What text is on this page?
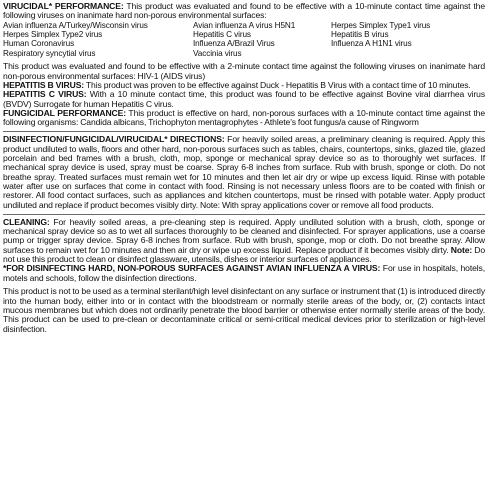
VIRUCIDAL* PERFORMANCE: This product was evaluated and found to be effective with a 10-minute contact time against the following viruses on inanimate hard non-porous environmental surfaces:

Avian influenza A/Turkey/Wisconsin virus	Avian influenza A virus H5N1	Herpes Simplex Type1 virus
Herpes Simplex Type2 virus	Hepatitis C virus	Hepatitis B virus
Human Coronavirus	Influenza A/Brazil Virus	Influenza A H1N1 virus
Respiratory syncytial virus	Vaccinia virus

This product was evaluated and found to be effective with a 2-minute contact time against the following viruses on inanimate hard non-porous environmental surfaces: HIV-1 (AIDS virus)

HEPATITIS B VIRUS: This product was proven to be effective against Duck - Hepatitis B Virus with a contact time of 10 minutes.

HEPATITIS C VIRUS: With a 10 minute contact time, this product was found to be effective against Bovine viral diarrhea virus (BVDV) Surrogate for human Hepatitis C virus.

FUNGICIDAL PERFORMANCE: This product is effective on hard, non-porous surfaces with a 10-minute contact time against the following organisms: Candida albicans, Trichophyton mentagrophytes - Athlete's foot fungus/a cause of Ringworm

DISINFECTION/FUNGICIDAL/VIRUCIDAL* DIRECTIONS: For heavily soiled areas, a preliminary cleaning is required. Apply this product undiluted to walls, floors and other hard, non-porous surfaces such as tables, chairs, countertops, sinks, glazed tile, glazed porcelain and bed frames with a brush, cloth, mop, sponge or mechanical spray device so as to thoroughly wet surfaces. If mechanical spray device is used, spray must be coarse. Spray 6-8 inches from surface. Rub with brush, sponge or cloth. Do not breathe spray. Treated surfaces must remain wet for 10 minutes and then let air dry or wipe up excess liquid. Rinse with potable water after use on surfaces that come in contact with food. Rinsing is not necessary unless floors are to be coated with finish or restorer. All food contact surfaces, such as appliances and kitchen countertops, must be rinsed with potable water. Apply product undiluted and replace if product becomes visibly dirty. Note: With spray applications cover or remove all food products.

CLEANING: For heavily soiled areas, a pre-cleaning step is required. Apply undiluted solution with a brush, cloth, sponge or mechanical spray device so as to wet all surfaces thoroughly to be cleaned and disinfected. For sprayer applications, use a coarse pump or trigger spray device. Spray 6-8 inches from surface. Rub with brush, sponge, mop or cloth. Do not breathe spray. Allow surfaces to remain wet for 10 minutes and then air dry or wipe up excess liquid. Replace product if it becomes visibly dirty. Note: Do not use this product to clean or disinfect glassware, utensils, dishes or interior surfaces of appliances.

*FOR DISINFECTING HARD, NON-POROUS SURFACES AGAINST AVIAN INFLUENZA A VIRUS: For use in hospitals, hotels, motels and schools, follow the disinfection directions.

This product is not to be used as a terminal sterilant/high level disinfectant on any surface or instrument that (1) is introduced directly into the human body, either into or in contact with the bloodstream or normally sterile areas of the body, or, (2) contacts intact mucous membranes but which does not ordinarily penetrate the blood barrier or otherwise enter normally sterile areas of the body. This product can be used to pre-clean or decontaminate critical or semi-critical medical devices prior to sterilization or high-level disinfection.
